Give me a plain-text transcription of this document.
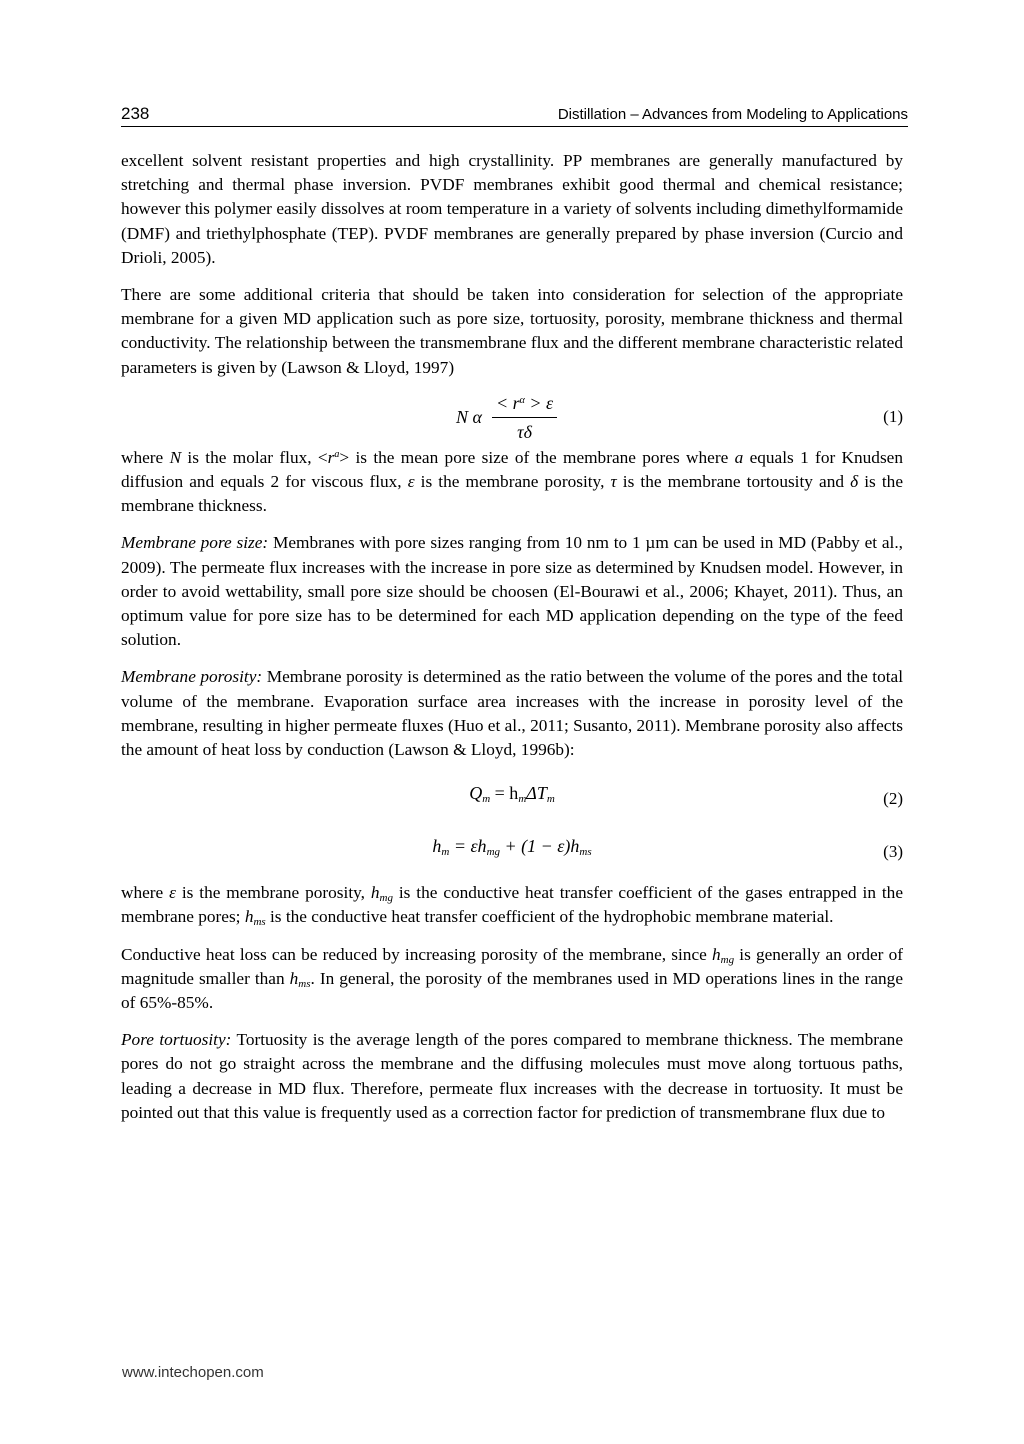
238	Distillation – Advances from Modeling to Applications

excellent solvent resistant properties and high crystallinity. PP membranes are generally manufactured by stretching and thermal phase inversion. PVDF membranes exhibit good thermal and chemical resistance; however this polymer easily dissolves at room temperature in a variety of solvents including dimethylformamide (DMF) and triethylphosphate (TEP). PVDF membranes are generally prepared by phase inversion (Curcio and Drioli, 2005).

There are some additional criteria that should be taken into consideration for selection of the appropriate membrane for a given MD application such as pore size, tortuosity, porosity, membrane thickness and thermal conductivity. The relationship between the transmembrane flux and the different membrane characteristic related parameters is given by (Lawson & Lloyd, 1997)

N α $\frac{< r^\alpha > \varepsilon}{\tau\delta}$	(1)

where N is the molar flux, $<r^a>$ is the mean pore size of the membrane pores where a equals 1 for Knudsen diffusion and equals 2 for viscous flux, ε is the membrane porosity, τ is the membrane tortousity and δ is the membrane thickness.

Membrane pore size: Membranes with pore sizes ranging from 10 nm to 1 µm can be used in MD (Pabby et al., 2009). The permeate flux increases with the increase in pore size as determined by Knudsen model. However, in order to avoid wettability, small pore size should be choosen (El-Bourawi et al., 2006; Khayet, 2011). Thus, an optimum value for pore size has to be determined for each MD application depending on the type of the feed solution.

Membrane porosity: Membrane porosity is determined as the ratio between the volume of the pores and the total volume of the membrane. Evaporation surface area increases with the increase in porosity level of the membrane, resulting in higher permeate fluxes (Huo et al., 2011; Susanto, 2011). Membrane porosity also affects the amount of heat loss by conduction (Lawson & Lloyd, 1996b):

$Q_m = h_m\Delta T_m$	(2)
$h_m = \varepsilon h_{mg} + (1 - \varepsilon)h_{ms}$	(3)

where ε is the membrane porosity, $h_{mg}$ is the conductive heat transfer coefficient of the gases entrapped in the membrane pores; $h_{ms}$ is the conductive heat transfer coefficient of the hydrophobic membrane material.

Conductive heat loss can be reduced by increasing porosity of the membrane, since $h_{mg}$ is generally an order of magnitude smaller than $h_{ms}$. In general, the porosity of the membranes used in MD operations lines in the range of 65%-85%.

Pore tortuosity: Tortuosity is the average length of the pores compared to membrane thickness. The membrane pores do not go straight across the membrane and the diffusing molecules must move along tortuous paths, leading a decrease in MD flux. Therefore, permeate flux increases with the decrease in tortuosity. It must be pointed out that this value is frequently used as a correction factor for prediction of transmembrane flux due to

www.intechopen.com
